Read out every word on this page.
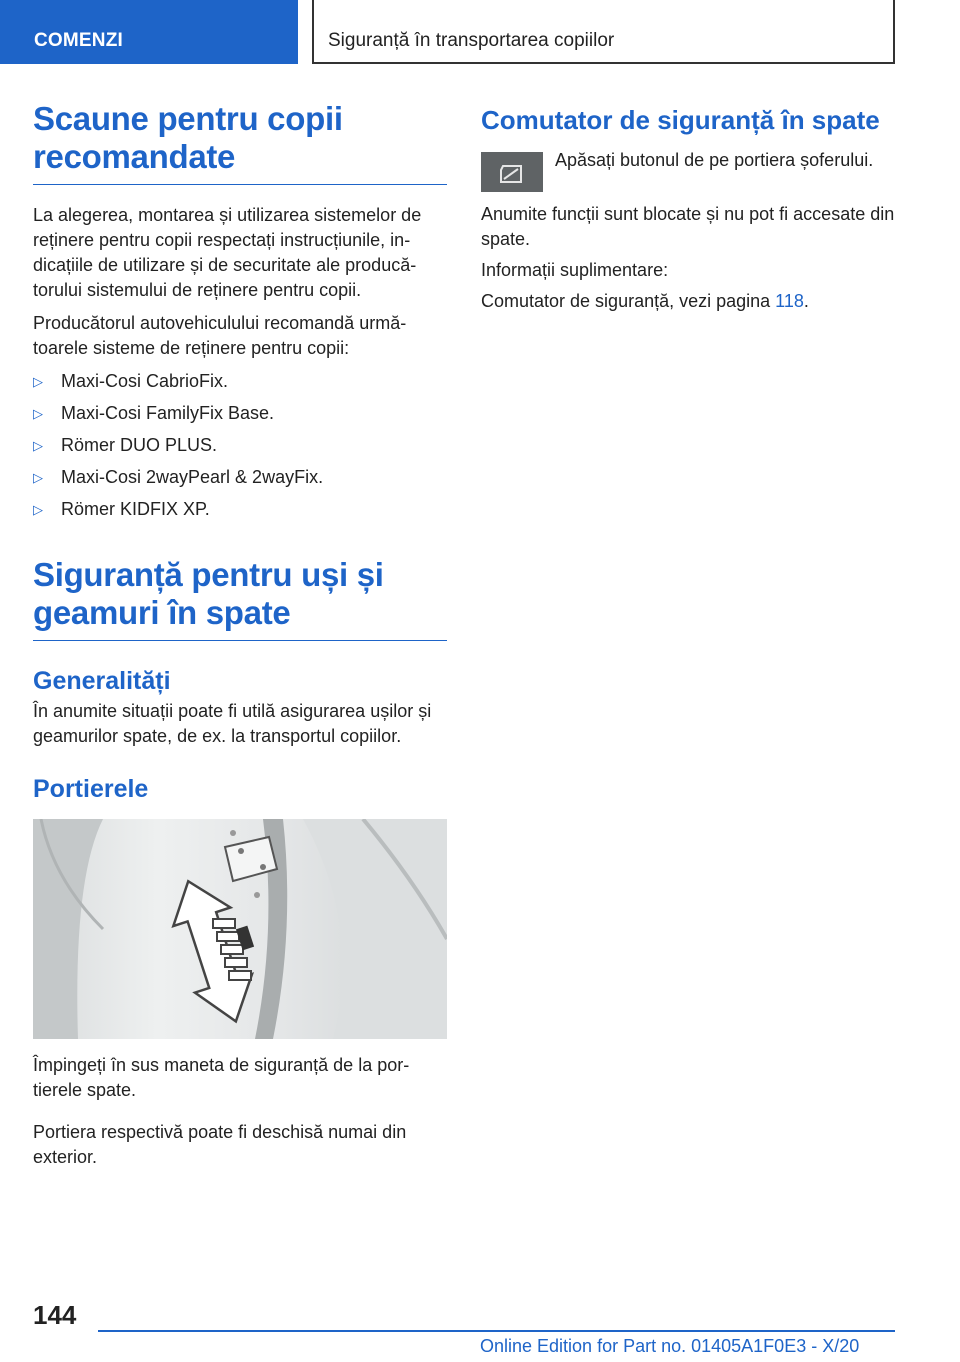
COMENZI	Siguranță în transportarea copiilor
Scaune pentru copii recomandate

La alegerea, montarea și utilizarea sistemelor de reținere pentru copii respectați instrucțiunile, indicațiile de utilizare și de securitate ale producătorului sistemului de reținere pentru copii.

Producătorul autovehiculului recomandă următoarele sisteme de reținere pentru copii:

▷	Maxi-Cosi CabrioFix.
▷	Maxi-Cosi FamilyFix Base.
▷	Römer DUO PLUS.
▷	Maxi-Cosi 2wayPearl & 2wayFix.
▷	Römer KIDFIX XP.
Siguranță pentru uși și geamuri în spate
Generalități

În anumite situații poate fi utilă asigurarea ușilor și geamurilor spate, de ex. la transportul copiilor.

Portierele

Împingeți în sus maneta de siguranță de la portierele spate.

Portiera respectivă poate fi deschisă numai din exterior.

Comutator de siguranță în spate

Apăsați butonul de pe portiera șoferului.

Anumite funcții sunt blocate și nu pot fi accesate din spate.

Informații suplimentare:

Comutator de siguranță, vezi pagina 118.

144
Online Edition for Part no. 01405A1F0E3 - X/20
